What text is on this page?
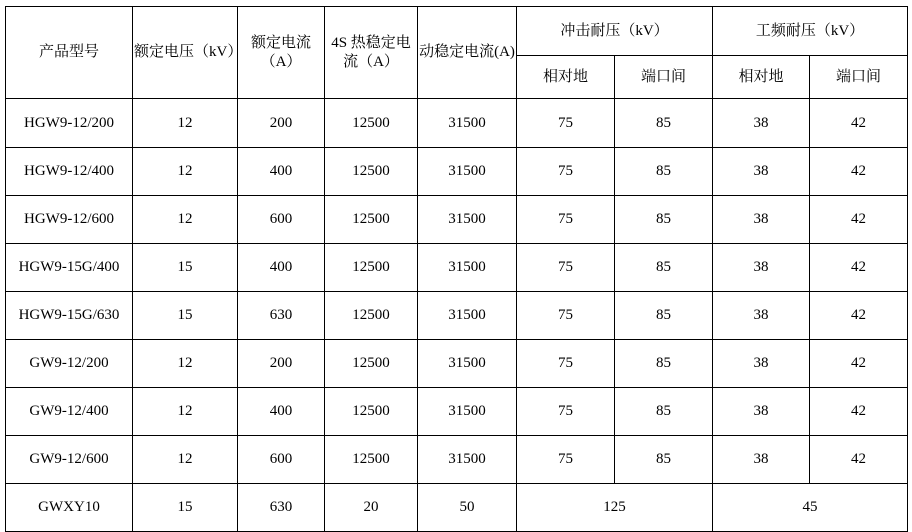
产品型号	额定电压（kV）	额定电流（A）	4S 热稳定电流（A）	动稳定电流(A)	冲击耐压（kV）		工频耐压（kV）	
					相对地	端口间	相对地	端口间
HGW9-12/200	12	200	12500	31500	75	85	38	42
HGW9-12/400	12	400	12500	31500	75	85	38	42
HGW9-12/600	12	600	12500	31500	75	85	38	42
HGW9-15G/400	15	400	12500	31500	75	85	38	42
HGW9-15G/630	15	630	12500	31500	75	85	38	42
GW9-12/200	12	200	12500	31500	75	85	38	42
GW9-12/400	12	400	12500	31500	75	85	38	42
GW9-12/600	12	600	12500	31500	75	85	38	42
GWXY10	15	630	20	50	125		45	
